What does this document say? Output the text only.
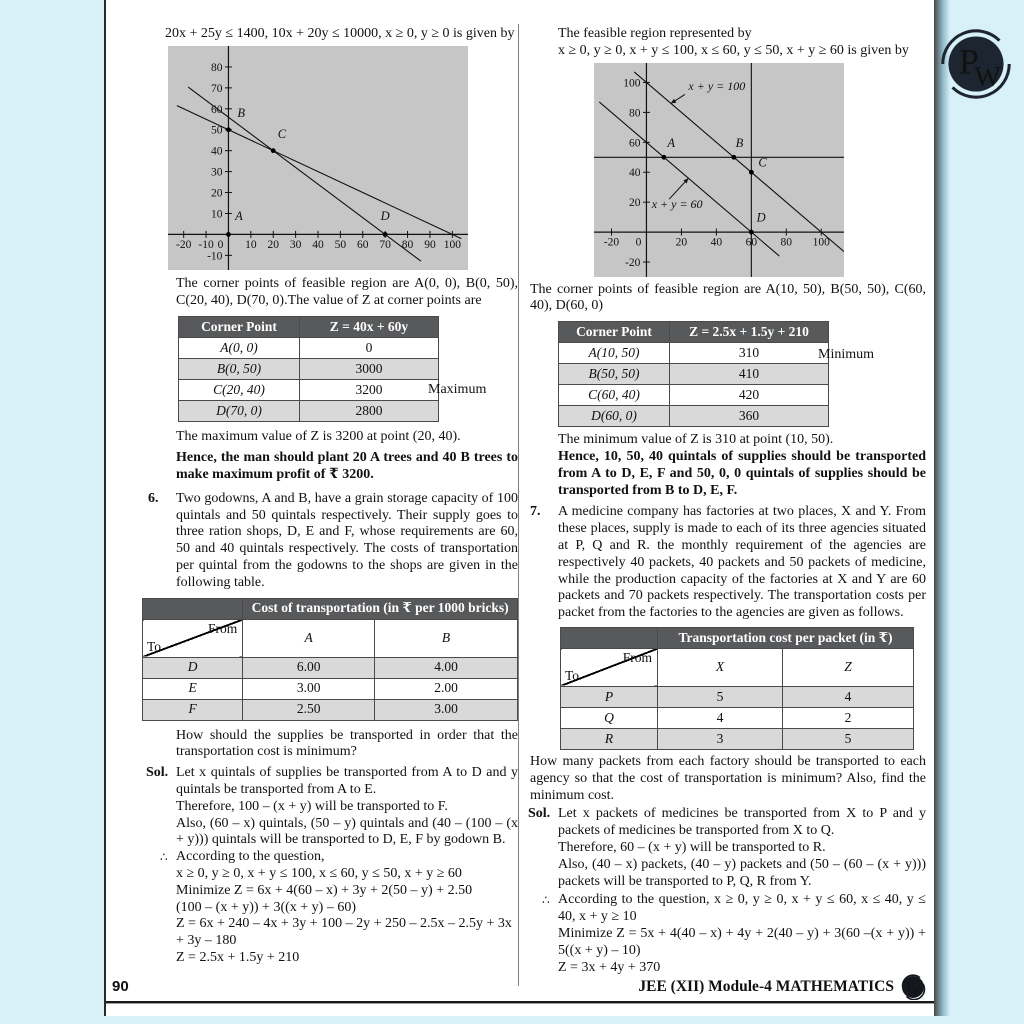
20x + 25y ≤ 1400, 10x + 20y ≤ 10000, x ≥ 0, y ≥ 0 is given by

-20 -10 0 10 20 30 40 50 60 70 80 90 100
-10
10
20
30
40
50
60
70
80
A
B
C
D

The corner points of feasible region are A(0, 0), B(0, 50), C(20, 40), D(70, 0).The value of Z at corner points are

Corner Point	Z = 40x + 60y
A(0, 0)	0
B(0, 50)	3000
C(20, 40)	3200
D(70, 0)	2800
Maximum

The maximum value of Z is 3200 at point (20, 40).

Hence, the man should plant 20 A trees and 40 B trees to make maximum profit of ₹ 3200.

6. Two godowns, A and B, have a grain storage capacity of 100 quintals and 50 quintals respectively. Their supply goes to three ration shops, D, E and F, whose requirements are 60, 50 and 40 quintals respectively. The costs of transportation per quintal from the godowns to the shops are given in the following table.

	Cost of transportation (in ₹ per 1000 bricks)	

From
To	A	B
D	6.00	4.00
E	3.00	2.00
F	2.50	3.00

How should the supplies be transported in order that the transportation cost is minimum?

Sol. Let x quintals of supplies be transported from A to D and y quintals be transported from A to E.

Therefore, 100 – (x + y) will be transported to F.

Also, (60 – x) quintals, (50 – y) quintals and (40 – (100 – (x + y))) quintals will be transported to D, E, F by godown B.

∴ According to the question,

x ≥ 0, y ≥ 0, x + y ≤ 100, x ≤ 60, y ≤ 50, x + y ≥ 60

Minimize Z = 6x + 4(60 – x) + 3y + 2(50 – y) + 2.50

(100 – (x + y)) + 3((x + y) – 60)

Z = 6x + 240 – 4x + 3y + 100 – 2y + 250 – 2.5x – 2.5y + 3x

+ 3y – 180

Z = 2.5x + 1.5y + 210

The feasible region represented by

x ≥ 0, y ≥ 0, x + y ≤ 100, x ≤ 60, y ≤ 50, x + y ≥ 60 is given by

-20 0	20 40 60 80 100
-20
20
40
60
80
100
A	B
C
D
x + y = 100
x + y = 60

The corner points of feasible region are A(10, 50), B(50, 50), C(60, 40), D(60, 0)

Corner Point	Z = 2.5x + 1.5y + 210
A(10, 50)	310
B(50, 50)	410
C(60, 40)	420
D(60, 0)	360
Minimum

The minimum value of Z is 310 at point (10, 50).

Hence, 10, 50, 40 quintals of supplies should be transported from A to D, E, F and 50, 0, 0 quintals of supplies should be transported from B to D, E, F.

7. A medicine company has factories at two places, X and Y. From these places, supply is made to each of its three agencies situated at P, Q and R. the monthly requirement of the agencies are respectively 40 packets, 40 packets and 50 packets of medicine, while the production capacity of the factories at X and Y are 60 packets and 70 packets respectively. The transportation costs per packet from the factories to the agencies are given as follows.

	Transportation cost per packet (in ₹)	

From
To	X	Z
P	5	4
Q	4	2
R	3	5

How many packets from each factory should be transported to each agency so that the cost of transportation is minimum? Also, find the minimum cost.

Sol. Let x packets of medicines be transported from X to P and y packets of medicines be transported from X to Q.

Therefore, 60 – (x + y) will be transported to R.

Also, (40 – x) packets, (40 – y) packets and (50 – (60 – (x + y))) packets will be transported to P, Q, R from Y.

∴ According to the question, x ≥ 0, y ≥ 0, x + y ≤ 60, x ≤ 40, y ≤ 40, x + y ≥ 10

Minimize Z = 5x + 4(40 – x) + 4y + 2(40 – y) + 3(60 –(x + y)) + 5((x + y) – 10)

Z = 3x + 4y + 370

90	JEE (XII) Module-4 MATHEMATICS P
W
P
W
